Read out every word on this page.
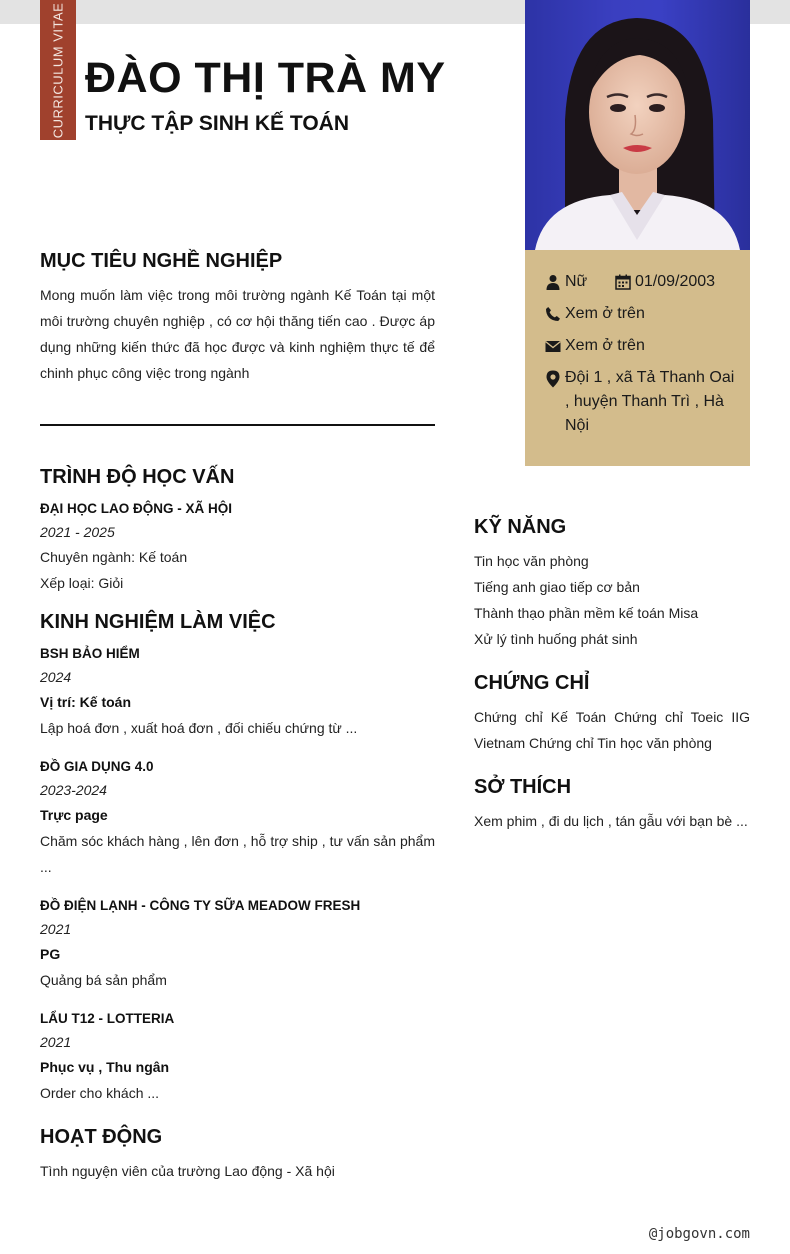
CURRICULUM VITAE ĐÀO THỊ TRÀ MY
THỰC TẬP SINH KẾ TOÁN
Nữ	01/09/2003
Xem ở trên
Xem ở trên
Đội 1 , xã Tả Thanh Oai , huyện Thanh Trì , Hà Nội
MỤC TIÊU NGHỀ NGHIỆP

Mong muốn làm việc trong môi trường ngành Kế Toán tại một môi trường chuyên nghiệp , có cơ hội thăng tiến cao . Được áp dụng những kiến thức đã học được và kinh nghiệm thực tế để chinh phục công việc trong ngành

TRÌNH ĐỘ HỌC VẤN

ĐẠI HỌC LAO ĐỘNG - XÃ HỘI

2021 - 2025

Chuyên ngành: Kế toán

Xếp loại: Giỏi

KINH NGHIỆM LÀM VIỆC

BSH BẢO HIỂM

2024

Vị trí: Kế toán

Lập hoá đơn , xuất hoá đơn , đối chiếu chứng từ ...

ĐỒ GIA DỤNG 4.0

2023-2024

Trực page

Chăm sóc khách hàng , lên đơn , hỗ trợ ship , tư vấn sản phẩm ...

ĐỒ ĐIỆN LẠNH - CÔNG TY SỮA MEADOW FRESH

2021

PG

Quảng bá sản phẩm

LẨU T12 - LOTTERIA

2021

Phục vụ , Thu ngân

Order cho khách ...

HOẠT ĐỘNG

Tình nguyện viên của trường Lao động - Xã hội

KỸ NĂNG

Tin học văn phòng

Tiếng anh giao tiếp cơ bản

Thành thạo phần mềm kế toán Misa

Xử lý tình huống phát sinh

CHỨNG CHỈ

Chứng chỉ Kế Toán Chứng chỉ Toeic IIG Vietnam Chứng chỉ Tin học văn phòng

SỞ THÍCH

Xem phim , đi du lịch , tán gẫu với bạn bè ...

@jobgovn.com
